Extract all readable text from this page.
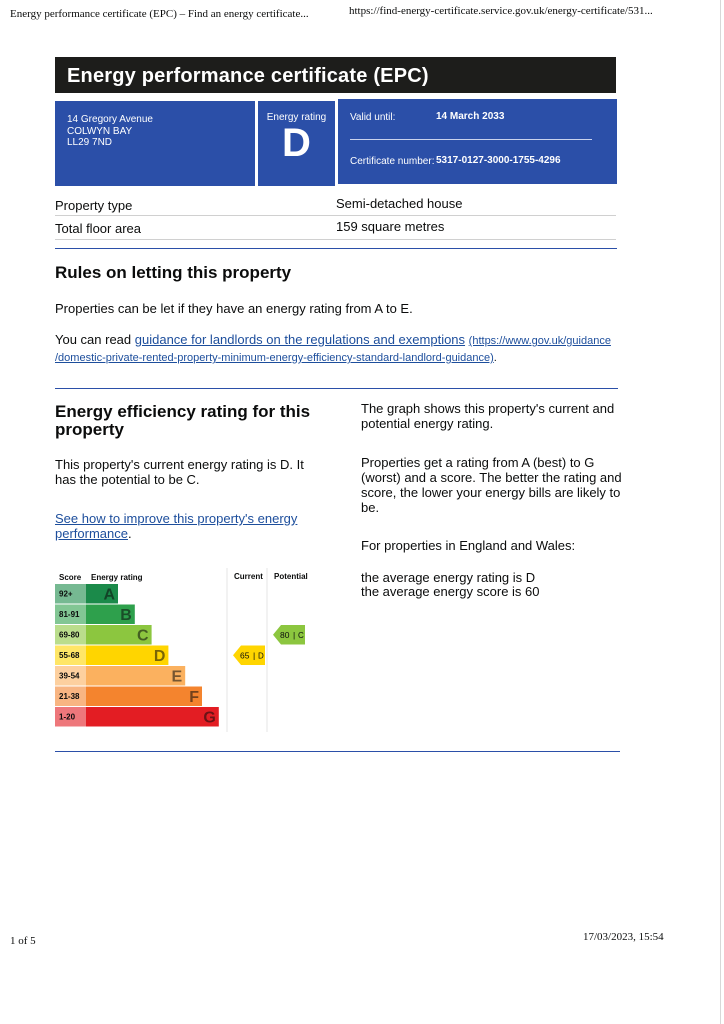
Energy performance certificate (EPC) – Find an energy certificate...	https://find-energy-certificate.service.gov.uk/energy-certificate/531...
Energy performance certificate (EPC)
14 Gregory Avenue
COLWYN BAY
LL29 7ND
Energy rating
D
Valid until:	14 March 2033
Certificate number: 5317-0127-3000-1755-4296
Property type	Semi-detached house
Total floor area	159 square metres
Rules on letting this property
Properties can be let if they have an energy rating from A to E.
You can read guidance for landlords on the regulations and exemptions (https://www.gov.uk/guidance
/domestic-private-rented-property-minimum-energy-efficiency-standard-landlord-guidance).
Energy efficiency rating for this
property
This property's current energy rating is D. It
has the potential to be C.
See how to improve this property's energy
performance.
The graph shows this property's current and
potential energy rating.
Properties get a rating from A (best) to G
(worst) and a score. The better the rating and
score, the lower your energy bills are likely to
be.
For properties in England and Wales:
the average energy rating is D
the average energy score is 60
Score Energy rating	Current Potential
92+ A
81-91	B
69-80	C
55-68	D
39-54	E
21-38	F
1-20	G
65 | D
80 | C
1 of 5	17/03/2023, 15:54
